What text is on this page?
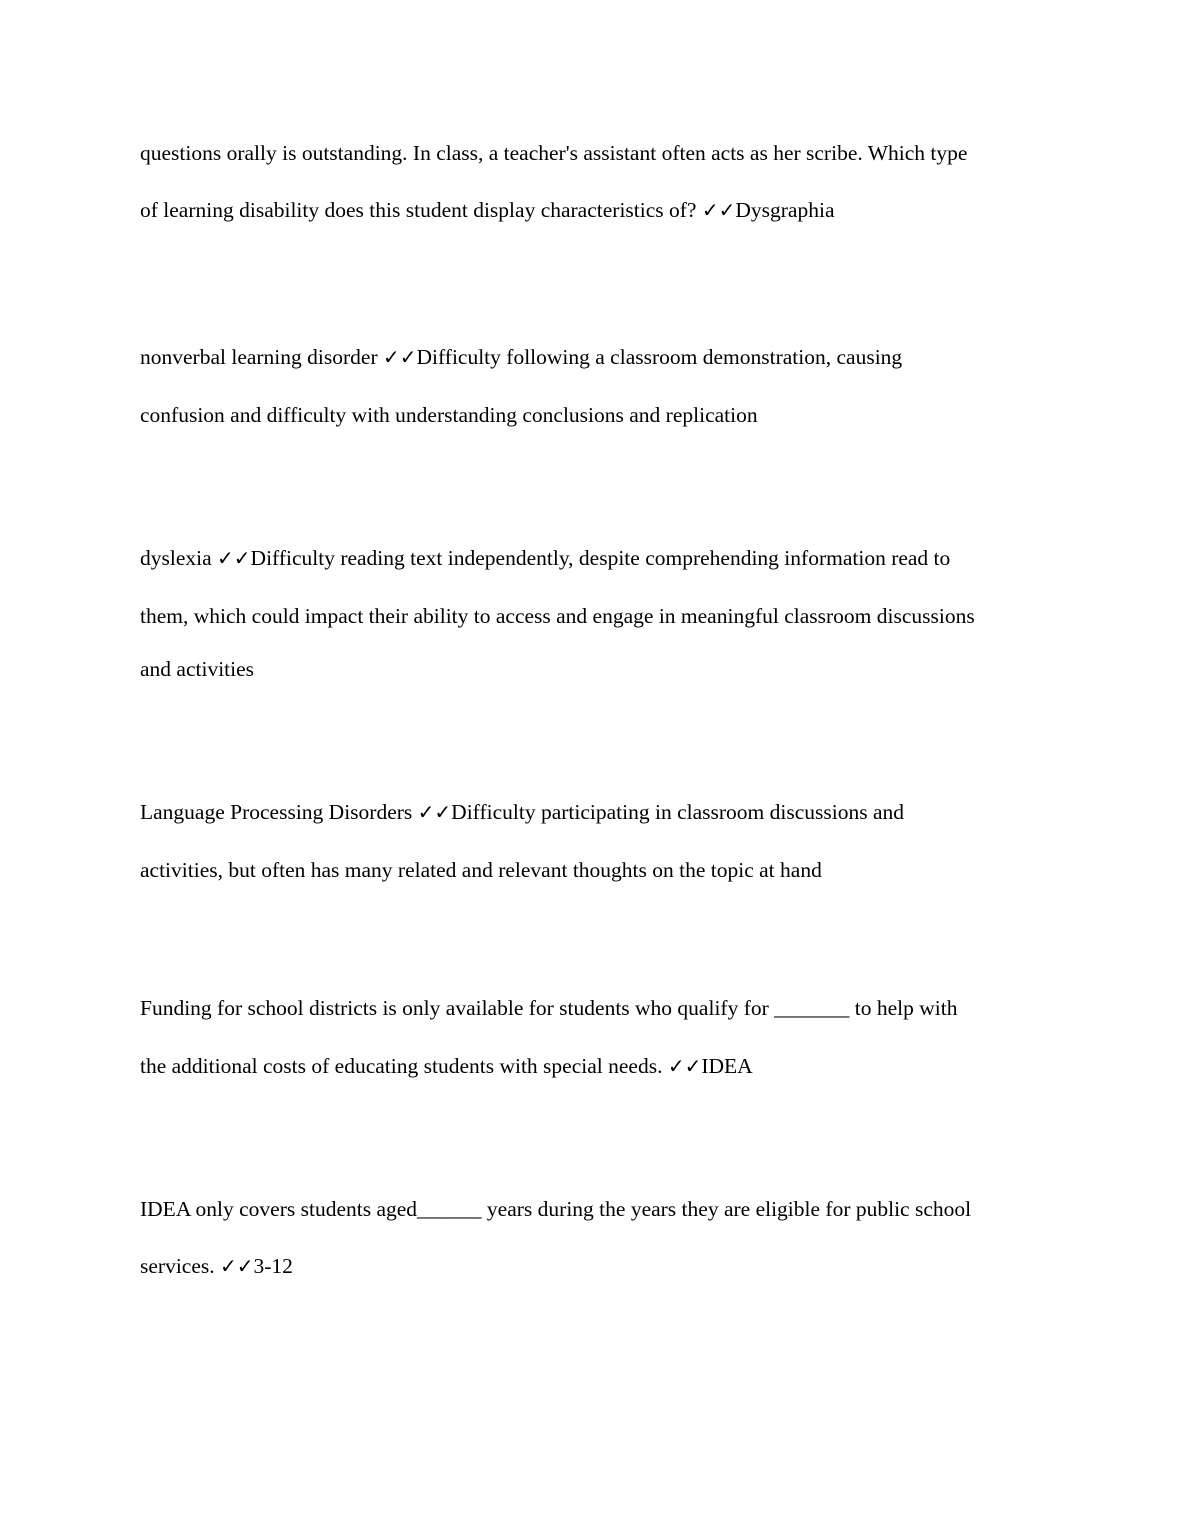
questions orally is outstanding. In class, a teacher's assistant often acts as her scribe. Which type
of learning disability does this student display characteristics of? ✓✓Dysgraphia
nonverbal learning disorder ✓✓Difficulty following a classroom demonstration, causing
confusion and difficulty with understanding conclusions and replication
dyslexia ✓✓Difficulty reading text independently, despite comprehending information read to
them, which could impact their ability to access and engage in meaningful classroom discussions
and activities
Language Processing Disorders ✓✓Difficulty participating in classroom discussions and
activities, but often has many related and relevant thoughts on the topic at hand
Funding for school districts is only available for students who qualify for _______ to help with
the additional costs of educating students with special needs. ✓✓IDEA
IDEA only covers students aged______ years during the years they are eligible for public school
services. ✓✓3-12
